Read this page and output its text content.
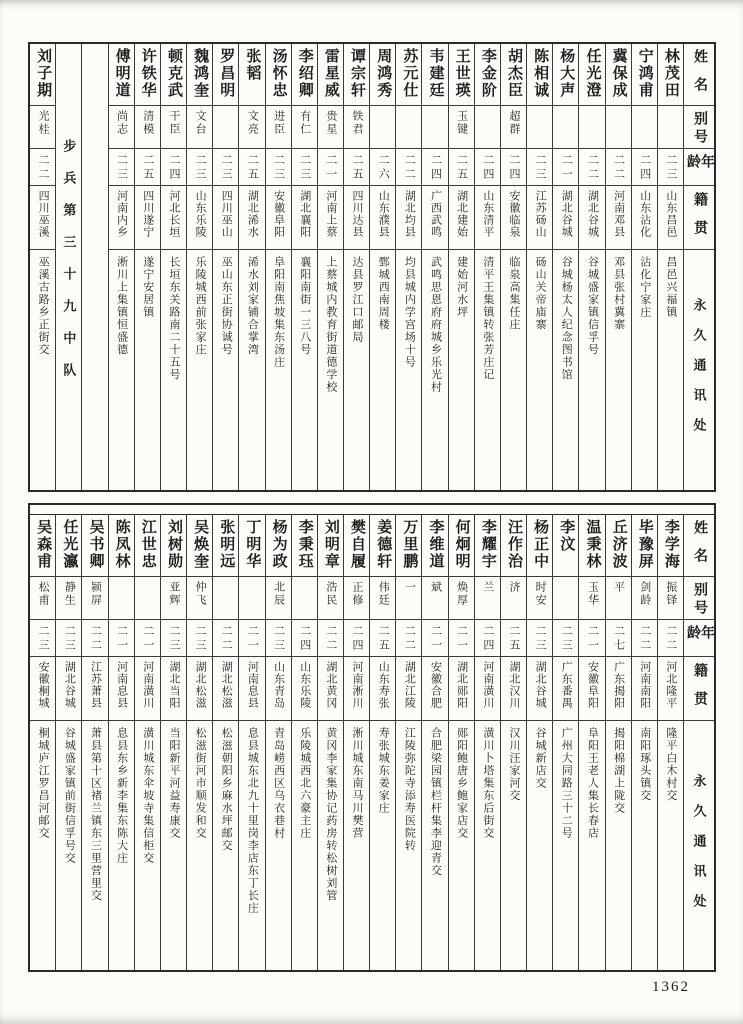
姓名
别号
年龄
籍贯
永久通讯处
林茂田
二三
山东昌邑
昌邑兴福镇
宁鸿甫
二四
山东沾化
沾化宁家庄
冀保成
二二
河南邓县
邓县张村冀寨
任光澄
二二
湖北谷城
谷城盛家镇信孚号
杨大声
二一
湖北谷城
谷城杨太人纪念图书馆
陈相诚
二三
江苏砀山
砀山关帝庙寨
胡杰臣
超群
二四
安徽临泉
临泉高集任庄
李金阶
二四
山东清平
清平王集镇转张芳庄记
王世瑛
玉键
二五
湖北建始
建始河水坪
韦建廷
二四
广西武鸣
武鸣思恩府府城乡乐光村
苏元仕
二二
湖北均县
均县城内学宫场十号
周鸿秀
二六
山东濮县
鄄城西南周楼
谭宗轩
铁君
二五
四川达县
达县罗江口邮局
雷星威
贵星
二一
河南上蔡
上蔡城内教育街道德学校
李绍卿
有仁
二三
湖北襄阳
襄阳南街一三八号
汤怀忠
进臣
二三
安徽阜阳
阜阳南焦坡集东汤庄
张韬
文亮
二五
湖北浠水
浠水刘家铺合掌湾
罗昌明
二三
四川巫山
巫山东正街协诚号
魏鸿奎
文台
二三
山东乐陵
乐陵城西前张家庄
顿克武
干臣
二四
河北长垣
长垣东关路南二十五号
许铁华
清模
二五
四川遂宁
遂宁安居镇
傅明道
尚志
二三
河南内乡
淅川上集镇恒盛德
步兵第三十九中队
刘子期
光桂
二二
四川巫溪
巫溪古路乡正街交
姓名
别号
年龄
籍贯
永久通讯处
李学海
振铎
二二
河北隆平
隆平白木村交
毕豫屏
剑龄
二二
河南南阳
南阳琢头镇交
丘济波
平
二七
广东揭阳
揭阳棉湖上陇交
温秉林
玉华
二一
安徽阜阳
阜阳王老人集长春店
李汶
二三
广东番禺
广州大同路三十二号
杨正中
时安
二三
湖北谷城
谷城新店交
汪作治
济
二五
湖北汉川
汉川汪家河交
李耀宇
兰
二四
河南潢川
潢川卜塔集东后街交
何炯明
焕厚
二一
湖北郧阳
郧阳鲍唐乡鲍家店交
李维道
斌
二一
安徽合肥
合肥梁园镇栏杆集李迎青交
万里鹏
一
二二
湖北江陵
江陵弥陀寺添寿医院转
姜德轩
伟廷
二五
山东寿张
寿张城东姜家庄
樊自履
正修
二四
河南淅川
淅川城东南马川樊营
刘明章
浩民
二二
湖北黄冈
黄冈李家集协记药房转松树刘管
李秉珏
二四
山东乐陵
乐陵城西北六豪主庄
杨为政
北辰
二三
山东青岛
青岛崂西区乌衣巷村
丁明华
二一
河南息县
息县城东北九十里岗李店东丁长庄
张明远
二二
湖北松滋
松滋朝阳乡麻水坪邮交
吴焕奎
仲飞
二三
湖北松滋
松滋街河市顺发和交
刘树勋
亚辉
二三
湖北当阳
当阳新平河益寿康交
江世忠
二一
河南潢川
潢川城东伞坡寺集信柜交
陈凤林
二一
河南息县
息县东乡新李集东陈大庄
吴书卿
颍屏
二二
江苏萧县
萧县第十区褚兰镇东三里营里交
任光瀛
静生
二三
湖北谷城
谷城盛家镇前街信孚号交
吴森甫
松甫
二三
安徽桐城
桐城庐江罗昌河邮交
1362
